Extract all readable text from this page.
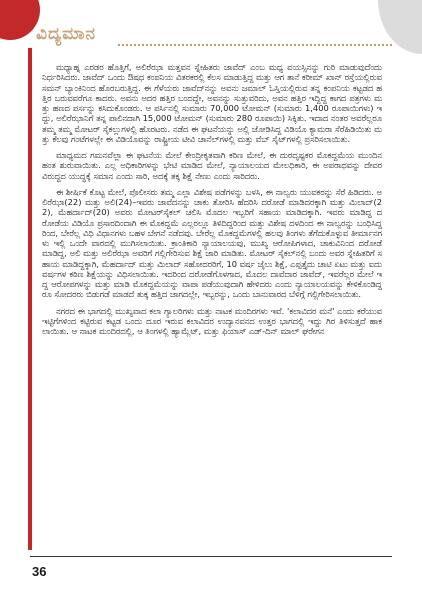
ವಿದ್ಯಮಾನ

ಮಧ್ಯಾಹ್ನ ಎರಡರ ಹೊತ್ತಿಗೆ, ಅಲಿರೆಝಾ ಮತ್ತವನ ಸ್ನೇಹಿತರು ಜಾವೆದ್ ಎಂಬ ಮಧ್ಯ ವಯಸ್ಸಿನನ್ನು ಗುರಿ ಮಾಡುವುದೆಂದು ನಿರ್ಧರಿಸಿದರು. ಜಾವೆದ್ ಒಂದು ಔಷಧ ಕಂಪನಿಯ ವಿತರಕರಲ್ಲಿ ಕೆಲಸ ಮಾಡುತ್ತಿದ್ದ ಮತ್ತು ಆಗ ತಾನೆ ಕರೀಮ್ ಖಾನ್ ರಸ್ತೆಯಲ್ಲಿರುವ ಸಮನ್ ಬ್ಯಾಂಕಿನಿಂದ ಹೊರಬರುತ್ತಿದ್ದ. ಈ ಗೆಳೆಯರು ಜಾವೆದ್‌ನನ್ನು ಅವನು ಜಮಾಲ್ ಓಸ್ತಿಯಲ್ಲಿರುವ ತನ್ನ ಕಂಪನಿಯ ಕಟ್ಟಡದ ಹತ್ತಿರ ಬರುವವರೆಗೂ ಕಾದರು. ಅವನು ಅದರ ಹತ್ತಿರ ಬಂದದ್ದೇ, ಅವನನ್ನು ಸುತ್ತುವರಿದು, ಅವನ ಹತ್ತಿರ ಇದ್ದಿದ್ದ ಕಾಗದ ಪತ್ರಗಳು ಮತ್ತು ಹಣದ ಪರ್ಸನ್ನು ಕಸಿದುಕೊಂಡರು. ಆ ಪರ್ಸಿನಲ್ಲಿ ಸುಮಾರು 70,000 ಟೋಮನ್ (ಸುಮಾರು 1,400 ರೂಪಾಯಿಗಳು) ಇದ್ದು, ಅಲಿರೆಝಾನಿಗೆ ತನ್ನ ಪಾಲಿನದಾಗಿ 15,000 ಟೋಮನ್ (ಸುಮಾರು 280 ರೂಪಾಯಿ) ಸಿಕ್ಕಿತು. ಇದಾದ ನಂತರ ಅವರೆಲ್ಲರೂ ತಮ್ಮ ತಮ್ಮ ಮೋಟರ್ ಸೈಕಲ್ಲುಗಳಲ್ಲಿ ಹೊರಟರು. ನಡೆದ ಈ ಘಟನೆಯನ್ನು ಅಲ್ಲಿ ಜೋಡಿಸಿದ್ದ ವಿಡಿಯೊ ಕ್ಯಾಮರಾ ಸೆರೆಹಿಡಿಯಿತು ಮತ್ತು ಕೆಲವು ಗಂಟೆಗಳಲ್ಲೇ ಈ ವಿಡಿಯೊವನ್ನು ರಾಷ್ಟ್ರೀಯ ಟೀವಿ ಚಾನೆಲ್‌ಗಳಲ್ಲಿ ಮತ್ತು ವೆಬ್ ಸೈಟ್‌ಗಳಲ್ಲಿ ಪ್ರಸರಿಸಲಾಯಿತು.

ಮಾಧ್ಯಮದ ಗಮನವೆಲ್ಲಾ ಈ ಘಟನೆಯ ಮೇಲೆ ಕೇಂದ್ರೀಕೃತವಾಗಿ ಕಠಿಣ ಮೇಲೆ, ಈ ದುರದೃಷ್ಟಕರ ಮೊಕದ್ದಮೆಯ ಮುಂದಿನ ಹಂತ ಶುರುವಾಯಿತು. ಎಲ್ಲ ಅಧಿಕಾರಿಗಳನ್ನು ಭೇಟಿ ಮಾಡಿದ ಮೇಲೆ, ನ್ಯಾಯಾಲಯದ ಮೇಲಧಿಕಾರಿ, ಈ ಅಪರಾಧವನ್ನು ದೇವರ ವಿರುದ್ಧದ ಯುದ್ಧಕ್ಕೆ ಸಮಾನ ಎಂದು ಸಾರಿ, ಅದಕ್ಕೆ ತಕ್ಕ ಶಿಕ್ಷೆ ನೇಣು ಎಂದು ಸಾರಿದರು.

ಈ ಶೀರ್ಷಿಕೆ ಕೊಟ್ಟ ಮೇಲೆ, ಪೊಲೀಸರು ತಮ್ಮ ಎಲ್ಲಾ ವಿಶೇಷ ಪಡೆಗಳನ್ನು ಬಳಸಿ, ಈ ನಾಲ್ವರು ಯುವಕರನ್ನು ಸೆರೆ ಹಿಡಿದರು. ಅಲಿರೆಝಾ(22) ಮತ್ತು ಅಲಿ(24)–ಇವರು ಜಾವೆದನನ್ನು ಚಾಕು ತೋರಿಸಿ ಹೆದರಿಸಿ ದರೋಡೆ ಮಾಡಿದರಕ್ಕಾಗಿ ಮತ್ತು ಮಿಲಾದ್(22), ಮೆಹರ್ದಾದ್(20) ಅವರು ಮೋಟರ್‌ಸೈಕಲ್ ಚಲಿಸಿ ಮೊದಲ ಇಬ್ಬರಿಗೆ ಸಹಾಯ ಮಾಡಿದಕ್ಕಾಗಿ. ಇವರು ಮಾಡಿದ್ದ ದರೋಡೆಯ ವಿಡಿಯೊ ಪ್ರಸಾರದಿಂದಾಗಿ ಈ ಮೊಕದ್ದಮೆ ಎಲ್ಲರಲ್ಲೂ ತಿಳಿದಿದ್ದರಿಂದ ಮತ್ತು ವಿಶೇಷ ದಳದಿಂದ ಈ ನಾಲ್ವರನ್ನು ಬಂಧಿಸಿದ್ದರಿಂದ, ಬೇರೆಲ್ಲ ವಿಧಿ ವಿಧಾನಗಳು ಬಹಳ ಬೇಗನೆ ನಡೆದವು. ಬೇರೆಲ್ಲ ಮೊಕದ್ದಮೆಗಳಲ್ಲಿ ಹಲವು ತಿಂಗಳು ತೆಗೆದುಕೊಳ್ಳುವ ತೀರ್ಮಾನಗಳು ಇಲ್ಲಿ ಒಂದೇ ವಾರದಲ್ಲಿ ಮುಗಿಸಲಾಯಿತು. ಕ್ರಾಂತಿಕಾರಿ ನ್ಯಾಯಾಲಯವು, ಮುಖ್ಯ ಆರೋಪಿಗಳಾದ, ಚಾಕುವಿನಿಂದ ದರೋಡೆ ಮಾಡಿದ್ದ, ಅಲಿ ಮತ್ತು ಅಲಿರೆಝಾ ಅವರಿಗೆ ಗಲ್ಲಿಗೇರಿಸುವ ಶಿಕ್ಷೆ ಜಾರಿ ಮಾಡಿತು. ಮೋಟರ್ ಸೈಕಲ್‌ನಲ್ಲಿ ಬಂದು ಅವರ ಸ್ನೇಹಿತರಿಗೆ ಸಹಾಯ ಮಾಡಿದ್ದಕ್ಕಾಗಿ, ಮೆಹರ್ದಾದ್ ಮತ್ತು ಮಿಲಾದ್ ಸಹೋದರರಿಗೆ, 10 ವರ್ಷ ಜೈಲು ಶಿಕ್ಷೆ, ಎಪ್ಪತ್ತೈದು ಚಾಟಿ ಏಟು ಮತ್ತು ಐದು ವರ್ಷಗಳ ಕಠಿಣ ಶಿಕ್ಷೆಯನ್ನು ವಿಧಿಸಲಾಯಿತು. ಇದರಿಂದ ದರೋಡೆಗೊಳಗಾದ, ಮೊದಲ ದಾವೆದಾರ ಜಾವೆದ್, ಇವರೆಲ್ಲರ ಮೇಲೆ ಇದ್ದ ಆರೋಪಗಳನ್ನು ಮತ್ತು ಮಾಡಿ ಮೊಕದ್ದಮೆಯನ್ನು ವಾಪಾ ಪಡೆಯುವುದಾಗಿ ಹೇಳಿದರು ಎಂದು ನ್ಯಾಯಾಲಯವನ್ನು ಕೇಳಿಕೊಂಡಿದ್ದರೂ ಸೋದರರು ಬಿಡುಗಡೆ ಮಾಡದೆ ತುಕ್ಕ ಹತ್ತಿದ ಜಾಗದಲ್ಲೇ, ಇಬ್ಬರನ್ನು, ಒಂದು ಬಾನುವಾರದ ಬೆಳಿಗ್ಗೆ ಗಲ್ಲಿಗೇರಿಸಲಾಯಿತು.

ನಗರದ ಈ ಭಾಗದಲ್ಲಿ ಮುಖ್ಯವಾದ ಕಲಾ ಗ್ಯಾಲರಿಗಳು ಮತ್ತು ನಾಟಕ ಮಂದಿರಗಳು ಇವೆ. 'ಕಲಾವಿದರ ಮನೆ' ಎಂದು ಕರೆಯುವ ಇಟ್ಟಿಗೆಗಳಿಂದ ಕಟ್ಟಿರುವ ಕಟ್ಟಡ ಒಂದು ದೂರ ಇರುವ ಕಲಾವಿದರ ಉದ್ಯಾನವನದ ಉತ್ತರ ಭಾಗದಲ್ಲಿ ಇದ್ದು ಗಿರ ತಿಳಿಸುತ್ತದೆ ಹಾಕಲಾಯಿತು. ಆ ನಾಟಕ ಮಂದಿರದಲ್ಲಿ, ಆ ತಿಂಗಳಲ್ಲಿ ಹ್ಯಾಮ್ಲೆಟ್, ಮತ್ತು ಫಿಯಾಸ್ ಎಡ್-ದಿನ್ ಮಾಲ್ ಘರೇಗನ

36
